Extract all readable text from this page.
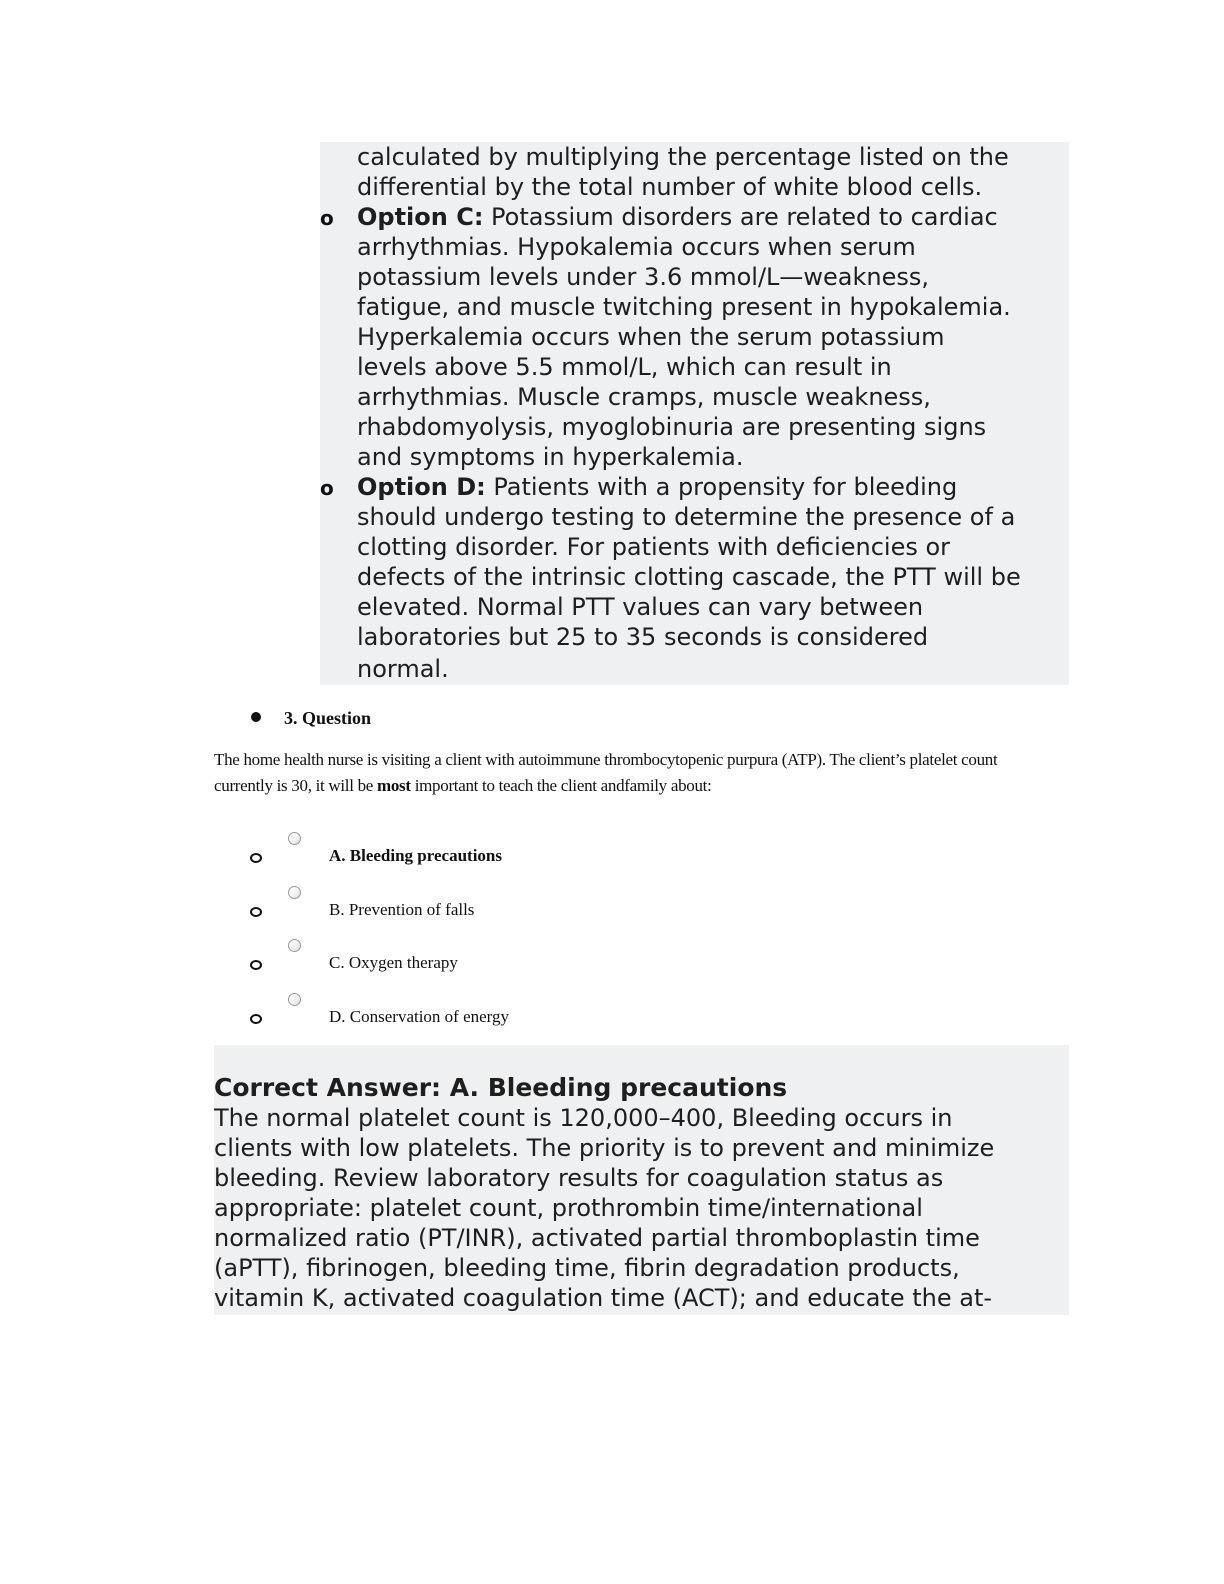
calculated by multiplying the percentage listed on the
differential by the total number of white blood cells.
o Option C: Potassium disorders are related to cardiac
arrhythmias. Hypokalemia occurs when serum
potassium levels under 3.6 mmol/L—weakness,
fatigue, and muscle twitching present in hypokalemia.
Hyperkalemia occurs when the serum potassium
levels above 5.5 mmol/L, which can result in
arrhythmias. Muscle cramps, muscle weakness,
rhabdomyolysis, myoglobinuria are presenting signs
and symptoms in hyperkalemia.
o Option D: Patients with a propensity for bleeding
should undergo testing to determine the presence of a
clotting disorder. For patients with deficiencies or
defects of the intrinsic clotting cascade, the PTT will be
elevated. Normal PTT values can vary between
laboratories but 25 to 35 seconds is considered
normal.
3. Question
The home health nurse is visiting a client with autoimmune thrombocytopenic purpura (ATP). The client’s platelet count
currently is 30, it will be most important to teach the client andfamily about:
A. Bleeding precautions
B. Prevention of falls
C. Oxygen therapy
D. Conservation of energy
Correct Answer: A. Bleeding precautions
The normal platelet count is 120,000–400, Bleeding occurs in
clients with low platelets. The priority is to prevent and minimize
bleeding. Review laboratory results for coagulation status as
appropriate: platelet count, prothrombin time/international
normalized ratio (PT/INR), activated partial thromboplastin time
(aPTT), fibrinogen, bleeding time, fibrin degradation products,
vitamin K, activated coagulation time (ACT); and educate the at-
